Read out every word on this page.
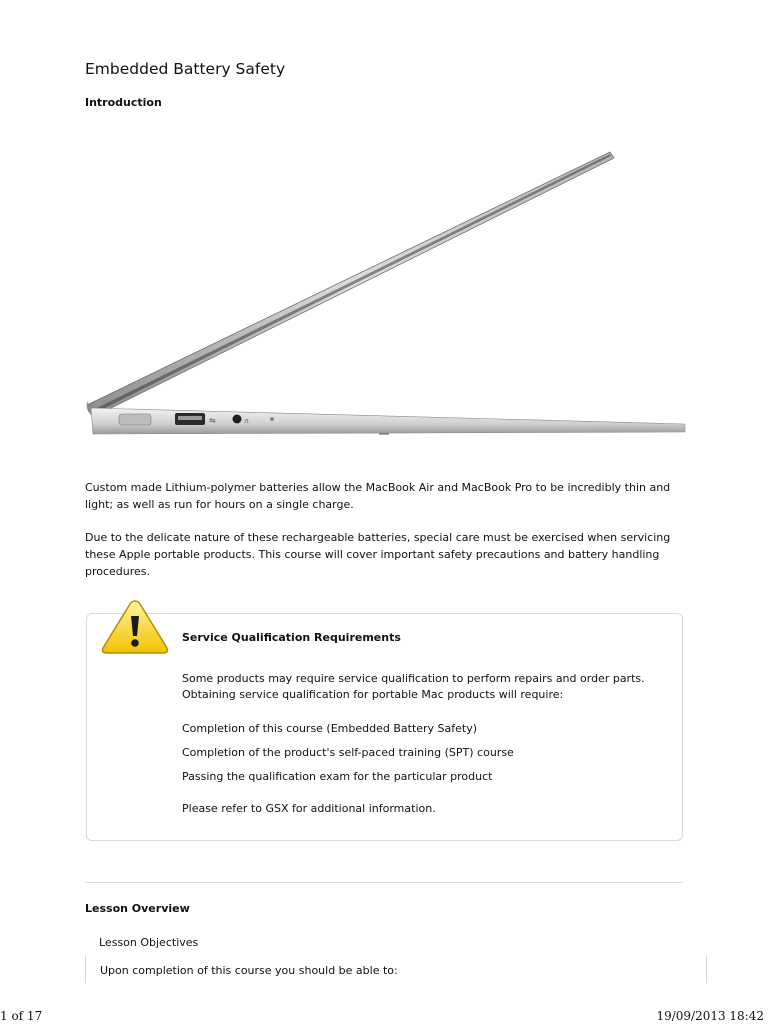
Embedded Battery Safety
Introduction
⇋	∩

Custom made Lithium-polymer batteries allow the MacBook Air and MacBook Pro to be incredibly thin and light; as well as run for hours on a single charge.

Due to the delicate nature of these rechargeable batteries, special care must be exercised when servicing these Apple portable products. This course will cover important safety precautions and battery handling procedures.

Service Qualification Requirements

Some products may require service qualification to perform repairs and order parts. Obtaining service qualification for portable Mac products will require:

Completion of this course (Embedded Battery Safety)

Completion of the product's self-paced training (SPT) course

Passing the qualification exam for the particular product

Please refer to GSX for additional information.

Lesson Overview
Lesson Objectives
Upon completion of this course you should be able to:
1 of 17	19/09/2013 18:42
